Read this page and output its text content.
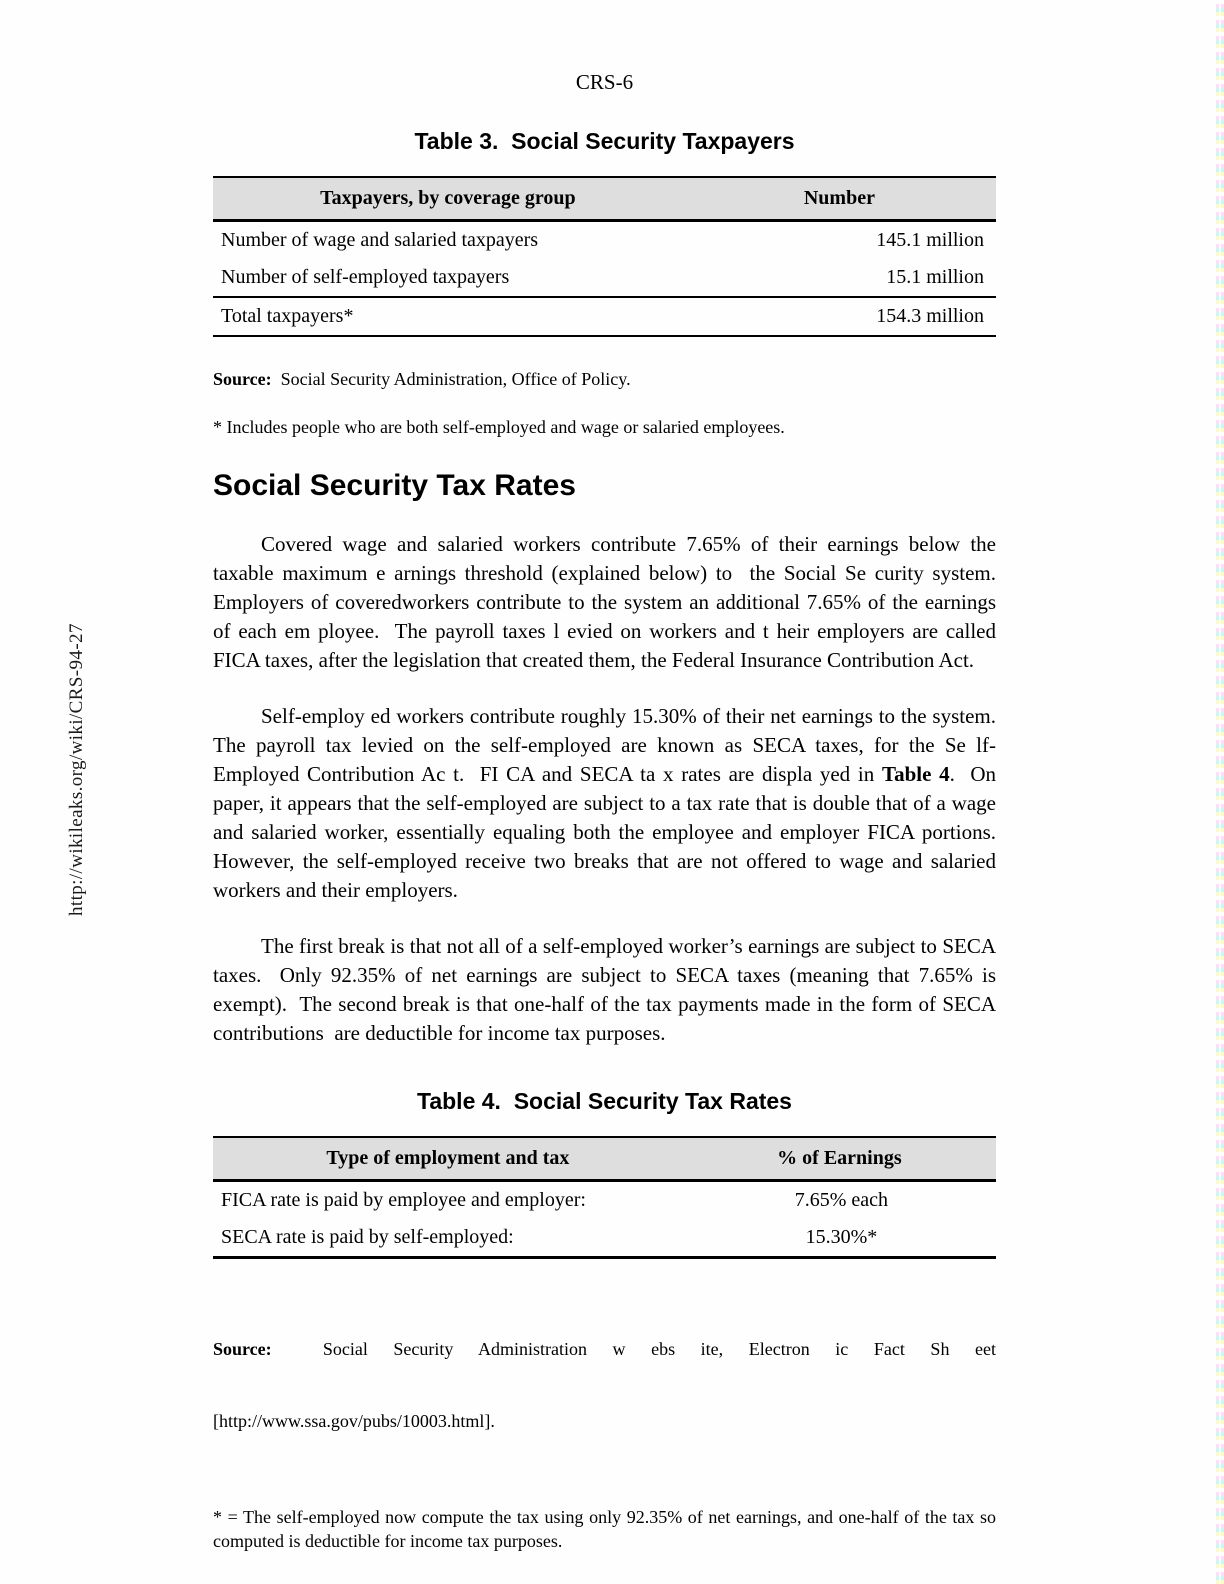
http://wikileaks.org/wiki/CRS-94-27
CRS-6
Table 3.  Social Security Taxpayers
Taxpayers, by coverage group	Number
Number of wage and salaried taxpayers	145.1 million
Number of self-employed taxpayers	15.1 million
Total taxpayers*	154.3 million
Source:  Social Security Administration, Office of Policy.
* Includes people who are both self-employed and wage or salaried employees.
Social Security Tax Rates

Covered wage and salaried workers contribute 7.65% of their earnings below the taxable maximum e arnings threshold (explained below) to  the Social Se curity system.  Employers of coveredworkers contribute to the system an additional 7.65% of the earnings of each em ployee.  The payroll taxes l evied on workers and t heir employers are called FICA taxes, after the legislation that created them, the Federal Insurance Contribution Act.

Self-employ ed workers contribute roughly 15.30% of their net earnings to the system.  The payroll tax levied on the self-employed are known as SECA taxes, for the Se lf-Employed Contribution Ac t.  FI CA and SECA ta x rates are displa yed in Table 4.  On paper, it appears that the self-employed are subject to a tax rate that is double that of a wage and salaried worker, essentially equaling both the employee and employer FICA portions.  However, the self-employed receive two breaks that are not offered to wage and salaried workers and their employers.

The first break is that not all of a self-employed worker’s earnings are subject to SECA taxes.  Only 92.35% of net earnings are subject to SECA taxes (meaning that 7.65% is exempt).  The second break is that one-half of the tax payments made in the form of SECA contributions  are deductible for income tax purposes.

Table 4.  Social Security Tax Rates
Type of employment and tax	% of Earnings
FICA rate is paid by employee and employer:	7.65% each
SECA rate is paid by self-employed:	15.30%*

Source:  Social Security Administration w ebs ite, Electron ic Fact Sh eet

[http://www.ssa.gov/pubs/10003.html].

* = The self-employed now compute the tax using only 92.35% of net earnings, and one-half of the tax so computed is deductible for income tax purposes.
